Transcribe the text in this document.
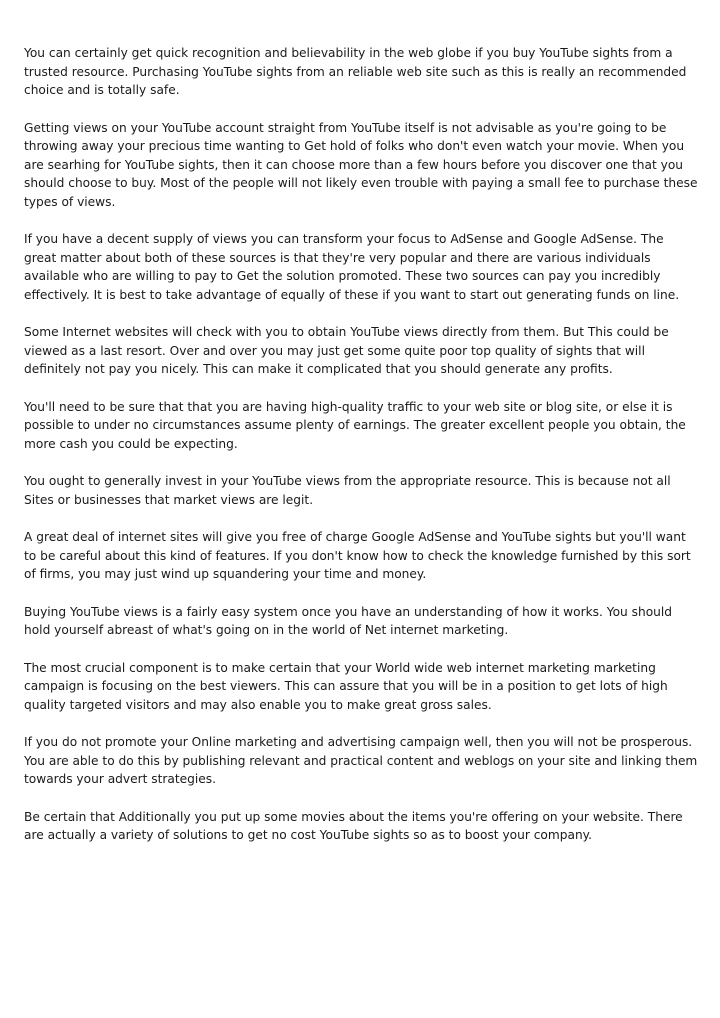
You can certainly get quick recognition and believability in the web globe if you buy YouTube sights from a trusted resource. Purchasing YouTube sights from an reliable web site such as this is really an recommended choice and is totally safe.

Getting views on your YouTube account straight from YouTube itself is not advisable as you're going to be throwing away your precious time wanting to Get hold of folks who don't even watch your movie. When you are searhing for YouTube sights, then it can choose more than a few hours before you discover one that you should choose to buy. Most of the people will not likely even trouble with paying a small fee to purchase these types of views.

If you have a decent supply of views you can transform your focus to AdSense and Google AdSense. The great matter about both of these sources is that they're very popular and there are various individuals available who are willing to pay to Get the solution promoted. These two sources can pay you incredibly effectively. It is best to take advantage of equally of these if you want to start out generating funds on line.

Some Internet websites will check with you to obtain YouTube views directly from them. But This could be viewed as a last resort. Over and over you may just get some quite poor top quality of sights that will definitely not pay you nicely. This can make it complicated that you should generate any profits.

You'll need to be sure that that you are having high-quality traffic to your web site or blog site, or else it is possible to under no circumstances assume plenty of earnings. The greater excellent people you obtain, the more cash you could be expecting.

You ought to generally invest in your YouTube views from the appropriate resource. This is because not all Sites or businesses that market views are legit.

A great deal of internet sites will give you free of charge Google AdSense and YouTube sights but you'll want to be careful about this kind of features. If you don't know how to check the knowledge furnished by this sort of firms, you may just wind up squandering your time and money.

Buying YouTube views is a fairly easy system once you have an understanding of how it works. You should hold yourself abreast of what's going on in the world of Net internet marketing.

The most crucial component is to make certain that your World wide web internet marketing marketing campaign is focusing on the best viewers. This can assure that you will be in a position to get lots of high quality targeted visitors and may also enable you to make great gross sales.

If you do not promote your Online marketing and advertising campaign well, then you will not be prosperous. You are able to do this by publishing relevant and practical content and weblogs on your site and linking them towards your advert strategies.

Be certain that Additionally you put up some movies about the items you're offering on your website. There are actually a variety of solutions to get no cost YouTube sights so as to boost your company.
